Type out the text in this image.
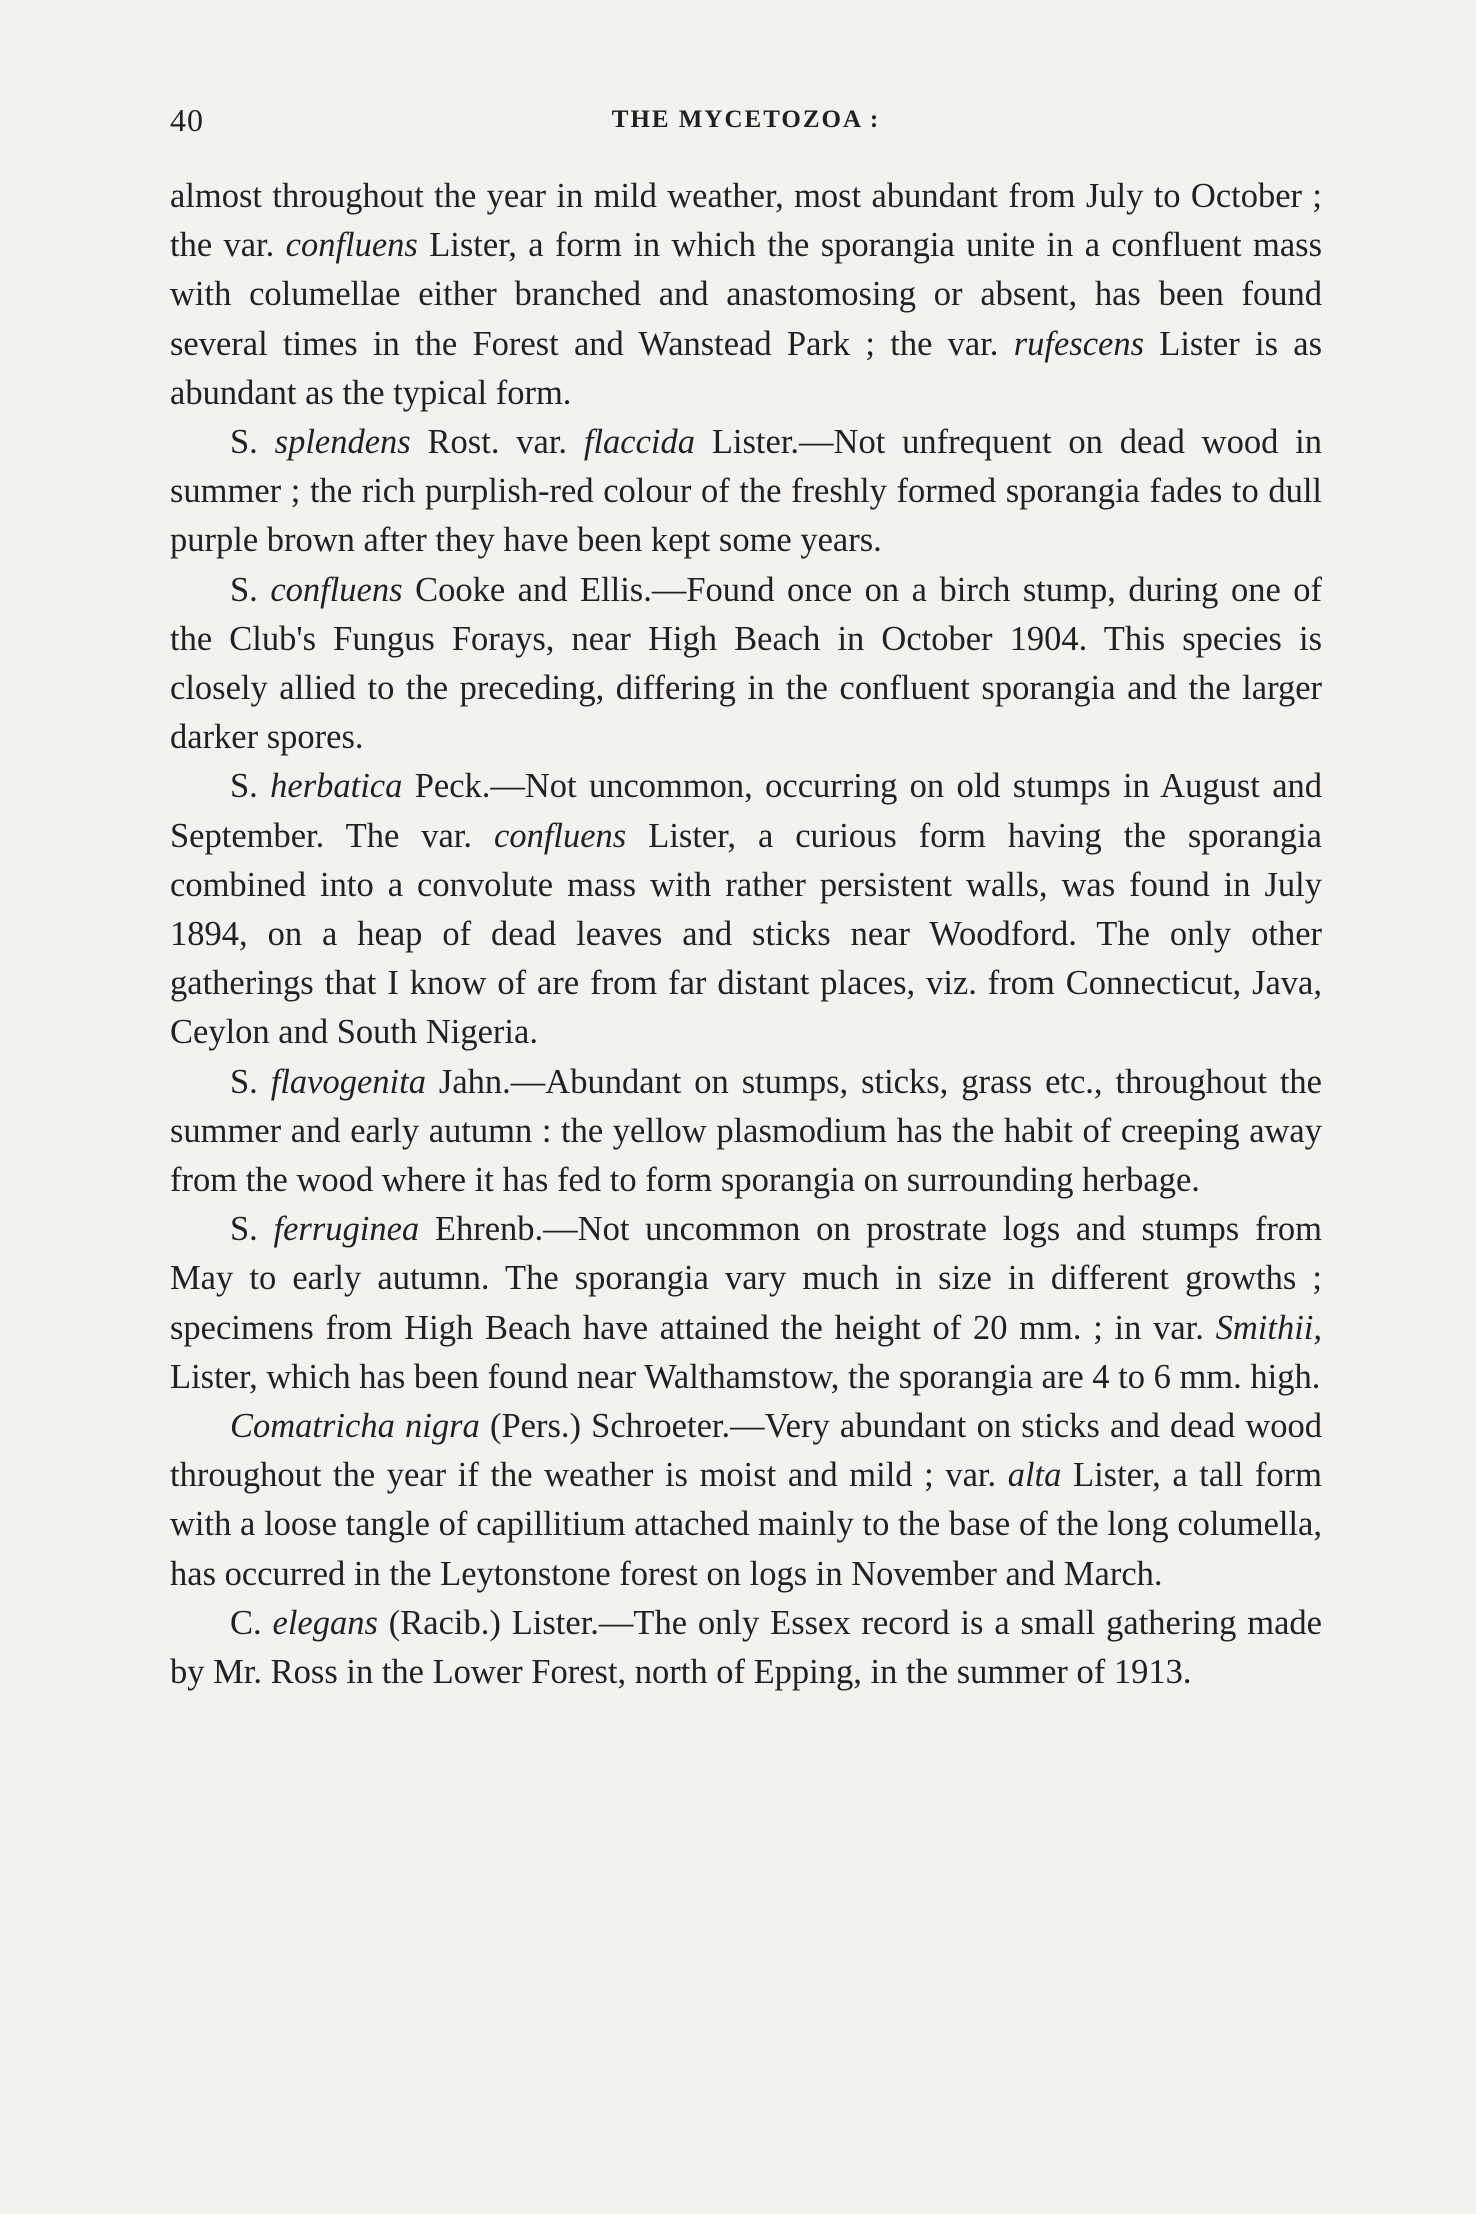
40	THE MYCETOZOA :

almost throughout the year in mild weather, most abundant from July to October ; the var. confluens Lister, a form in which the sporangia unite in a confluent mass with columellae either branched and anastomosing or absent, has been found several times in the Forest and Wanstead Park ; the var. rufescens Lister is as abundant as the typical form.

S. splendens Rost. var. flaccida Lister.—Not unfrequent on dead wood in summer ; the rich purplish-red colour of the freshly formed sporangia fades to dull purple brown after they have been kept some years.

S. confluens Cooke and Ellis.—Found once on a birch stump, during one of the Club's Fungus Forays, near High Beach in October 1904. This species is closely allied to the preceding, differing in the confluent sporangia and the larger darker spores.

S. herbatica Peck.—Not uncommon, occurring on old stumps in August and September. The var. confluens Lister, a curious form having the sporangia combined into a convolute mass with rather persistent walls, was found in July 1894, on a heap of dead leaves and sticks near Woodford. The only other gatherings that I know of are from far distant places, viz. from Connecticut, Java, Ceylon and South Nigeria.

S. flavogenita Jahn.—Abundant on stumps, sticks, grass etc., throughout the summer and early autumn : the yellow plasmodium has the habit of creeping away from the wood where it has fed to form sporangia on surrounding herbage.

S. ferruginea Ehrenb.—Not uncommon on prostrate logs and stumps from May to early autumn. The sporangia vary much in size in different growths ; specimens from High Beach have attained the height of 20 mm. ; in var. Smithii, Lister, which has been found near Walthamstow, the sporangia are 4 to 6 mm. high.

Comatricha nigra (Pers.) Schroeter.—Very abundant on sticks and dead wood throughout the year if the weather is moist and mild ; var. alta Lister, a tall form with a loose tangle of capillitium attached mainly to the base of the long columella, has occurred in the Leytonstone forest on logs in November and March.

C. elegans (Racib.) Lister.—The only Essex record is a small gathering made by Mr. Ross in the Lower Forest, north of Epping, in the summer of 1913.
